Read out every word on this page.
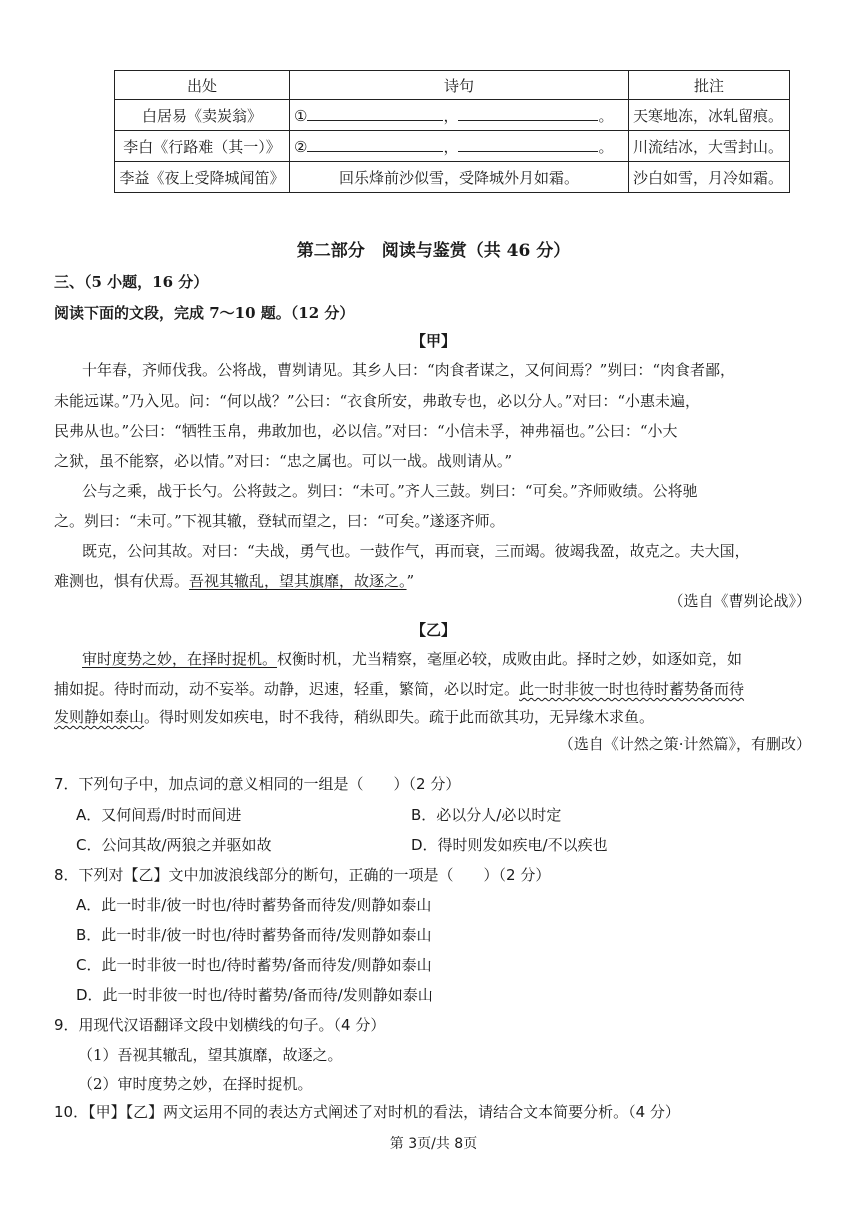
出处	诗句	批注
白居易《卖炭翁》	① ， 。	天寒地冻，冰轧留痕。
李白《行路难（其一）》	② ， 。	川流结冰，大雪封山。
李益《夜上受降城闻笛》	回乐烽前沙似雪，受降城外月如霜。	沙白如雪，月冷如霜。
第二部分　阅读与鉴赏（共 46 分）
三、（5 小题，16 分）
阅读下面的文段，完成 7～10 题。（12 分）
【甲】
十年春，齐师伐我。公将战，曹刿请见。其乡人曰：“肉食者谋之，又何间焉？”刿曰：“肉食者鄙，
未能远谋。”乃入见。问：“何以战？”公曰：“衣食所安，弗敢专也，必以分人。”对曰：“小惠未遍，
民弗从也。”公曰：“牺牲玉帛，弗敢加也，必以信。”对曰：“小信未孚，神弗福也。”公曰：“小大
之狱，虽不能察，必以情。”对曰：“忠之属也。可以一战。战则请从。”
公与之乘，战于长勺。公将鼓之。刿曰：“未可。”齐人三鼓。刿曰：“可矣。”齐师败绩。公将驰
之。刿曰：“未可。”下视其辙，登轼而望之，曰：“可矣。”遂逐齐师。
既克，公问其故。对曰：“夫战，勇气也。一鼓作气，再而衰，三而竭。彼竭我盈，故克之。夫大国，
难测也，惧有伏焉。吾视其辙乱，望其旗靡，故逐之。”
（选自《曹刿论战》）
【乙】
审时度势之妙，在择时捉机。权衡时机，尤当精察，毫厘必较，成败由此。择时之妙，如逐如竞，如
捕如捉。待时而动，动不妄举。动静，迟速，轻重，繁简，必以时定。此一时非彼一时也待时蓄势备而待
发则静如泰山。得时则发如疾电，时不我待，稍纵即失。疏于此而欲其功，无异缘木求鱼。
（选自《计然之策·计然篇》，有删改）
7．下列句子中，加点词的意义相同的一组是（　　）（2 分）
A．又何间焉/时时而间进	B．必以分人/必以时定
C．公问其故/两狼之并驱如故	D．得时则发如疾电/不以疾也
8．下列对【乙】文中加波浪线部分的断句，正确的一项是（　　）（2 分）
A．此一时非/彼一时也/待时蓄势备而待发/则静如泰山
B．此一时非/彼一时也/待时蓄势备而待/发则静如泰山
C．此一时非彼一时也/待时蓄势/备而待发/则静如泰山
D．此一时非彼一时也/待时蓄势/备而待/发则静如泰山
9．用现代汉语翻译文段中划横线的句子。（4 分）
（1）吾视其辙乱，望其旗靡，故逐之。
（2）审时度势之妙，在择时捉机。
10．【甲】【乙】两文运用不同的表达方式阐述了对时机的看法，请结合文本简要分析。（4 分）
第 3页/共 8页
